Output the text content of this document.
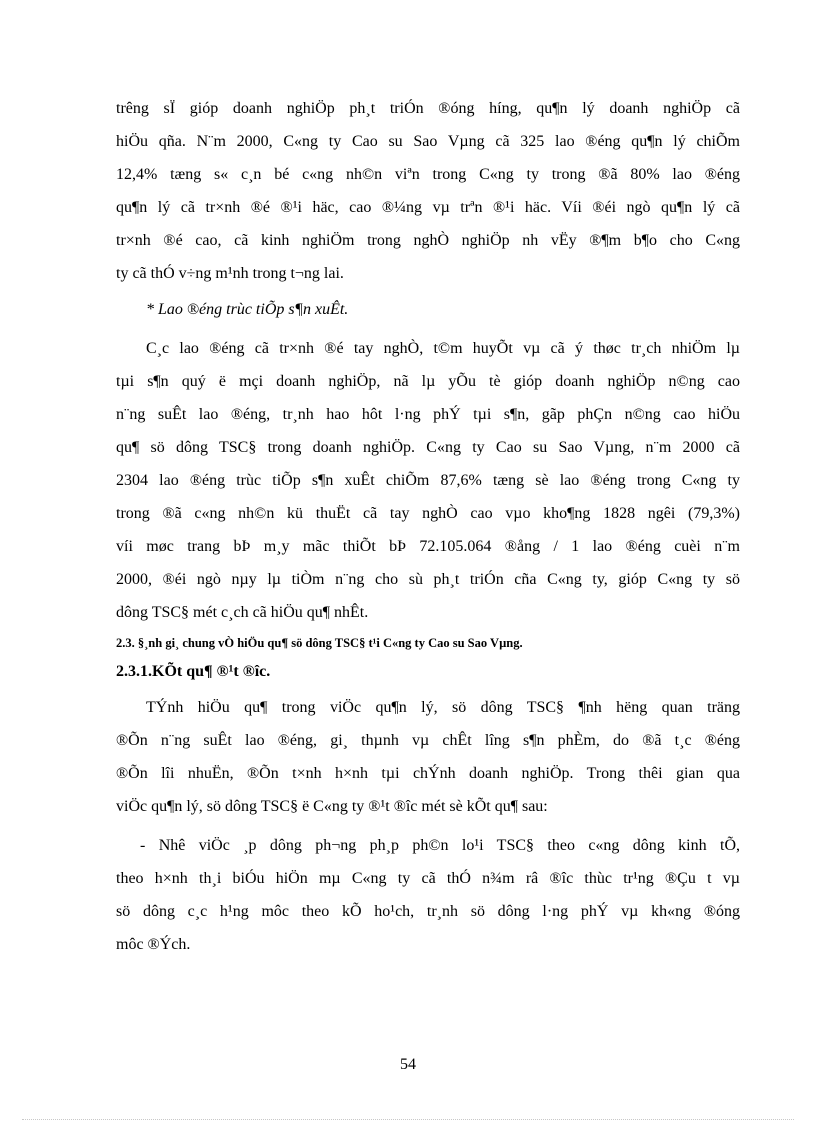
trêng sÏ gióp doanh nghiÖp ph¸t triÓn ®óng híng, qu¶n lý doanh nghiÖp cã
hiÖu qña. N¨m 2000, C«ng ty Cao su Sao Vµng cã 325 lao ®éng qu¶n lý chiÕm
12,4% tæng s« c¸n bé c«ng nh©n viªn trong C«ng ty trong ®ã 80% lao ®éng
qu¶n lý cã tr×nh ®é ®¹i häc, cao ®¼ng vµ trªn ®¹i häc. Víi ®éi ngò qu¶n lý cã
tr×nh ®é cao, cã kinh nghiÖm trong nghÒ nghiÖp nh vËy ®¶m b¶o cho C«ng
ty cã thÓ v÷ng m¹nh trong t¬ng lai.
* Lao ®éng trùc tiÕp s¶n xuÊt.
C¸c lao ®éng cã tr×nh ®é tay nghÒ, t©m huyÕt vµ cã ý thøc tr¸ch nhiÖm lµ
tµi s¶n quý ë mçi doanh nghiÖp, nã lµ yÕu tè gióp doanh nghiÖp n©ng cao
n¨ng suÊt lao ®éng, tr¸nh hao hôt l·ng phÝ tµi s¶n, gãp phÇn n©ng cao hiÖu
qu¶ sö dông TSC§ trong doanh nghiÖp. C«ng ty Cao su Sao Vµng, n¨m 2000 cã
2304 lao ®éng trùc tiÕp s¶n xuÊt chiÕm 87,6% tæng sè lao ®éng trong C«ng ty
trong ®ã c«ng nh©n kü thuËt cã tay nghÒ cao vµo kho¶ng 1828 ngêi (79,3%)
víi møc trang bÞ m¸y mãc thiÕt bÞ 72.105.064 ®ång / 1 lao ®éng cuèi n¨m
2000, ®éi ngò nµy lµ tiÒm n¨ng cho sù ph¸t triÓn cña C«ng ty, gióp C«ng ty sö
dông TSC§ mét c¸ch cã hiÖu qu¶ nhÊt.
2.3. §¸nh gi¸ chung vÒ hiÖu qu¶ sö dông TSC§ t¹i C«ng ty Cao su Sao Vµng.
2.3.1.KÕt qu¶ ®¹t ®îc.
TÝnh hiÖu qu¶ trong viÖc qu¶n lý, sö dông TSC§ ¶nh hëng quan träng
®Õn n¨ng suÊt lao ®éng, gi¸ thµnh vµ chÊt lîng s¶n phÈm, do ®ã t¸c ®éng
®Õn lîi nhuËn, ®Õn t×nh h×nh tµi chÝnh doanh nghiÖp. Trong thêi gian qua
viÖc qu¶n lý, sö dông TSC§ ë C«ng ty ®¹t ®îc mét sè kÕt qu¶ sau:
- Nhê viÖc ¸p dông ph¬ng ph¸p ph©n lo¹i TSC§ theo c«ng dông kinh tÕ,
theo h×nh th¸i biÓu hiÖn mµ C«ng ty cã thÓ n¾m râ ®îc thùc tr¹ng ®Çu t vµ
sö dông c¸c h¹ng môc theo kÕ ho¹ch, tr¸nh sö dông l·ng phÝ vµ kh«ng ®óng
môc ®Ých.
54
